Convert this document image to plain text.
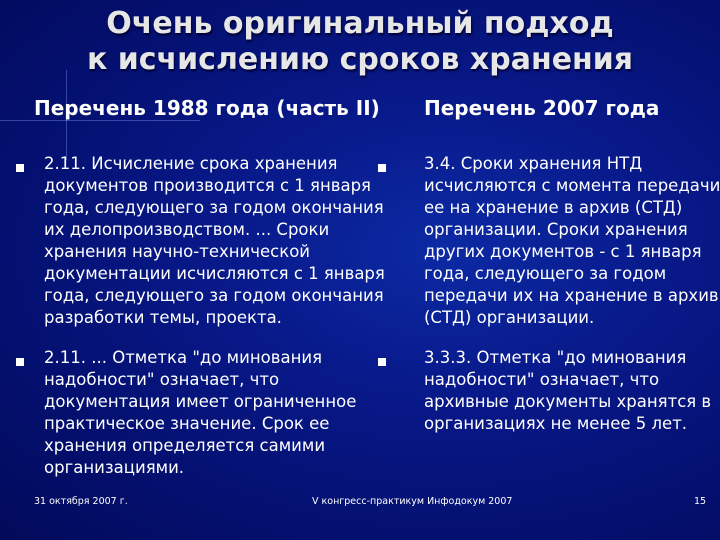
Очень оригинальный подход
к исчислению сроков хранения
Перечень 1988 года (часть II) Перечень 2007 года
2.11. Исчисление срока хранения
документов производится с 1 января
года, следующего за годом окончания
их делопроизводством. ... Сроки
хранения научно-технической
документации исчисляются с 1 января
года, следующего за годом окончания
разработки темы, проекта.
2.11. ... Отметка "до минования
надобности" означает, что
документация имеет ограниченное
практическое значение. Срок ее
хранения определяется самими
организациями.
3.4. Сроки хранения НТД
исчисляются с момента передачи
ее на хранение в архив (СТД)
организации. Сроки хранения
других документов - с 1 января
года, следующего за годом
передачи их на хранение в архив
(СТД) организации.
3.3.3. Отметка "до минования
надобности" означает, что
архивные документы хранятся в
организациях не менее 5 лет.
31 октября 2007 г.	V конгресс-практикум Инфодокум 2007	15
